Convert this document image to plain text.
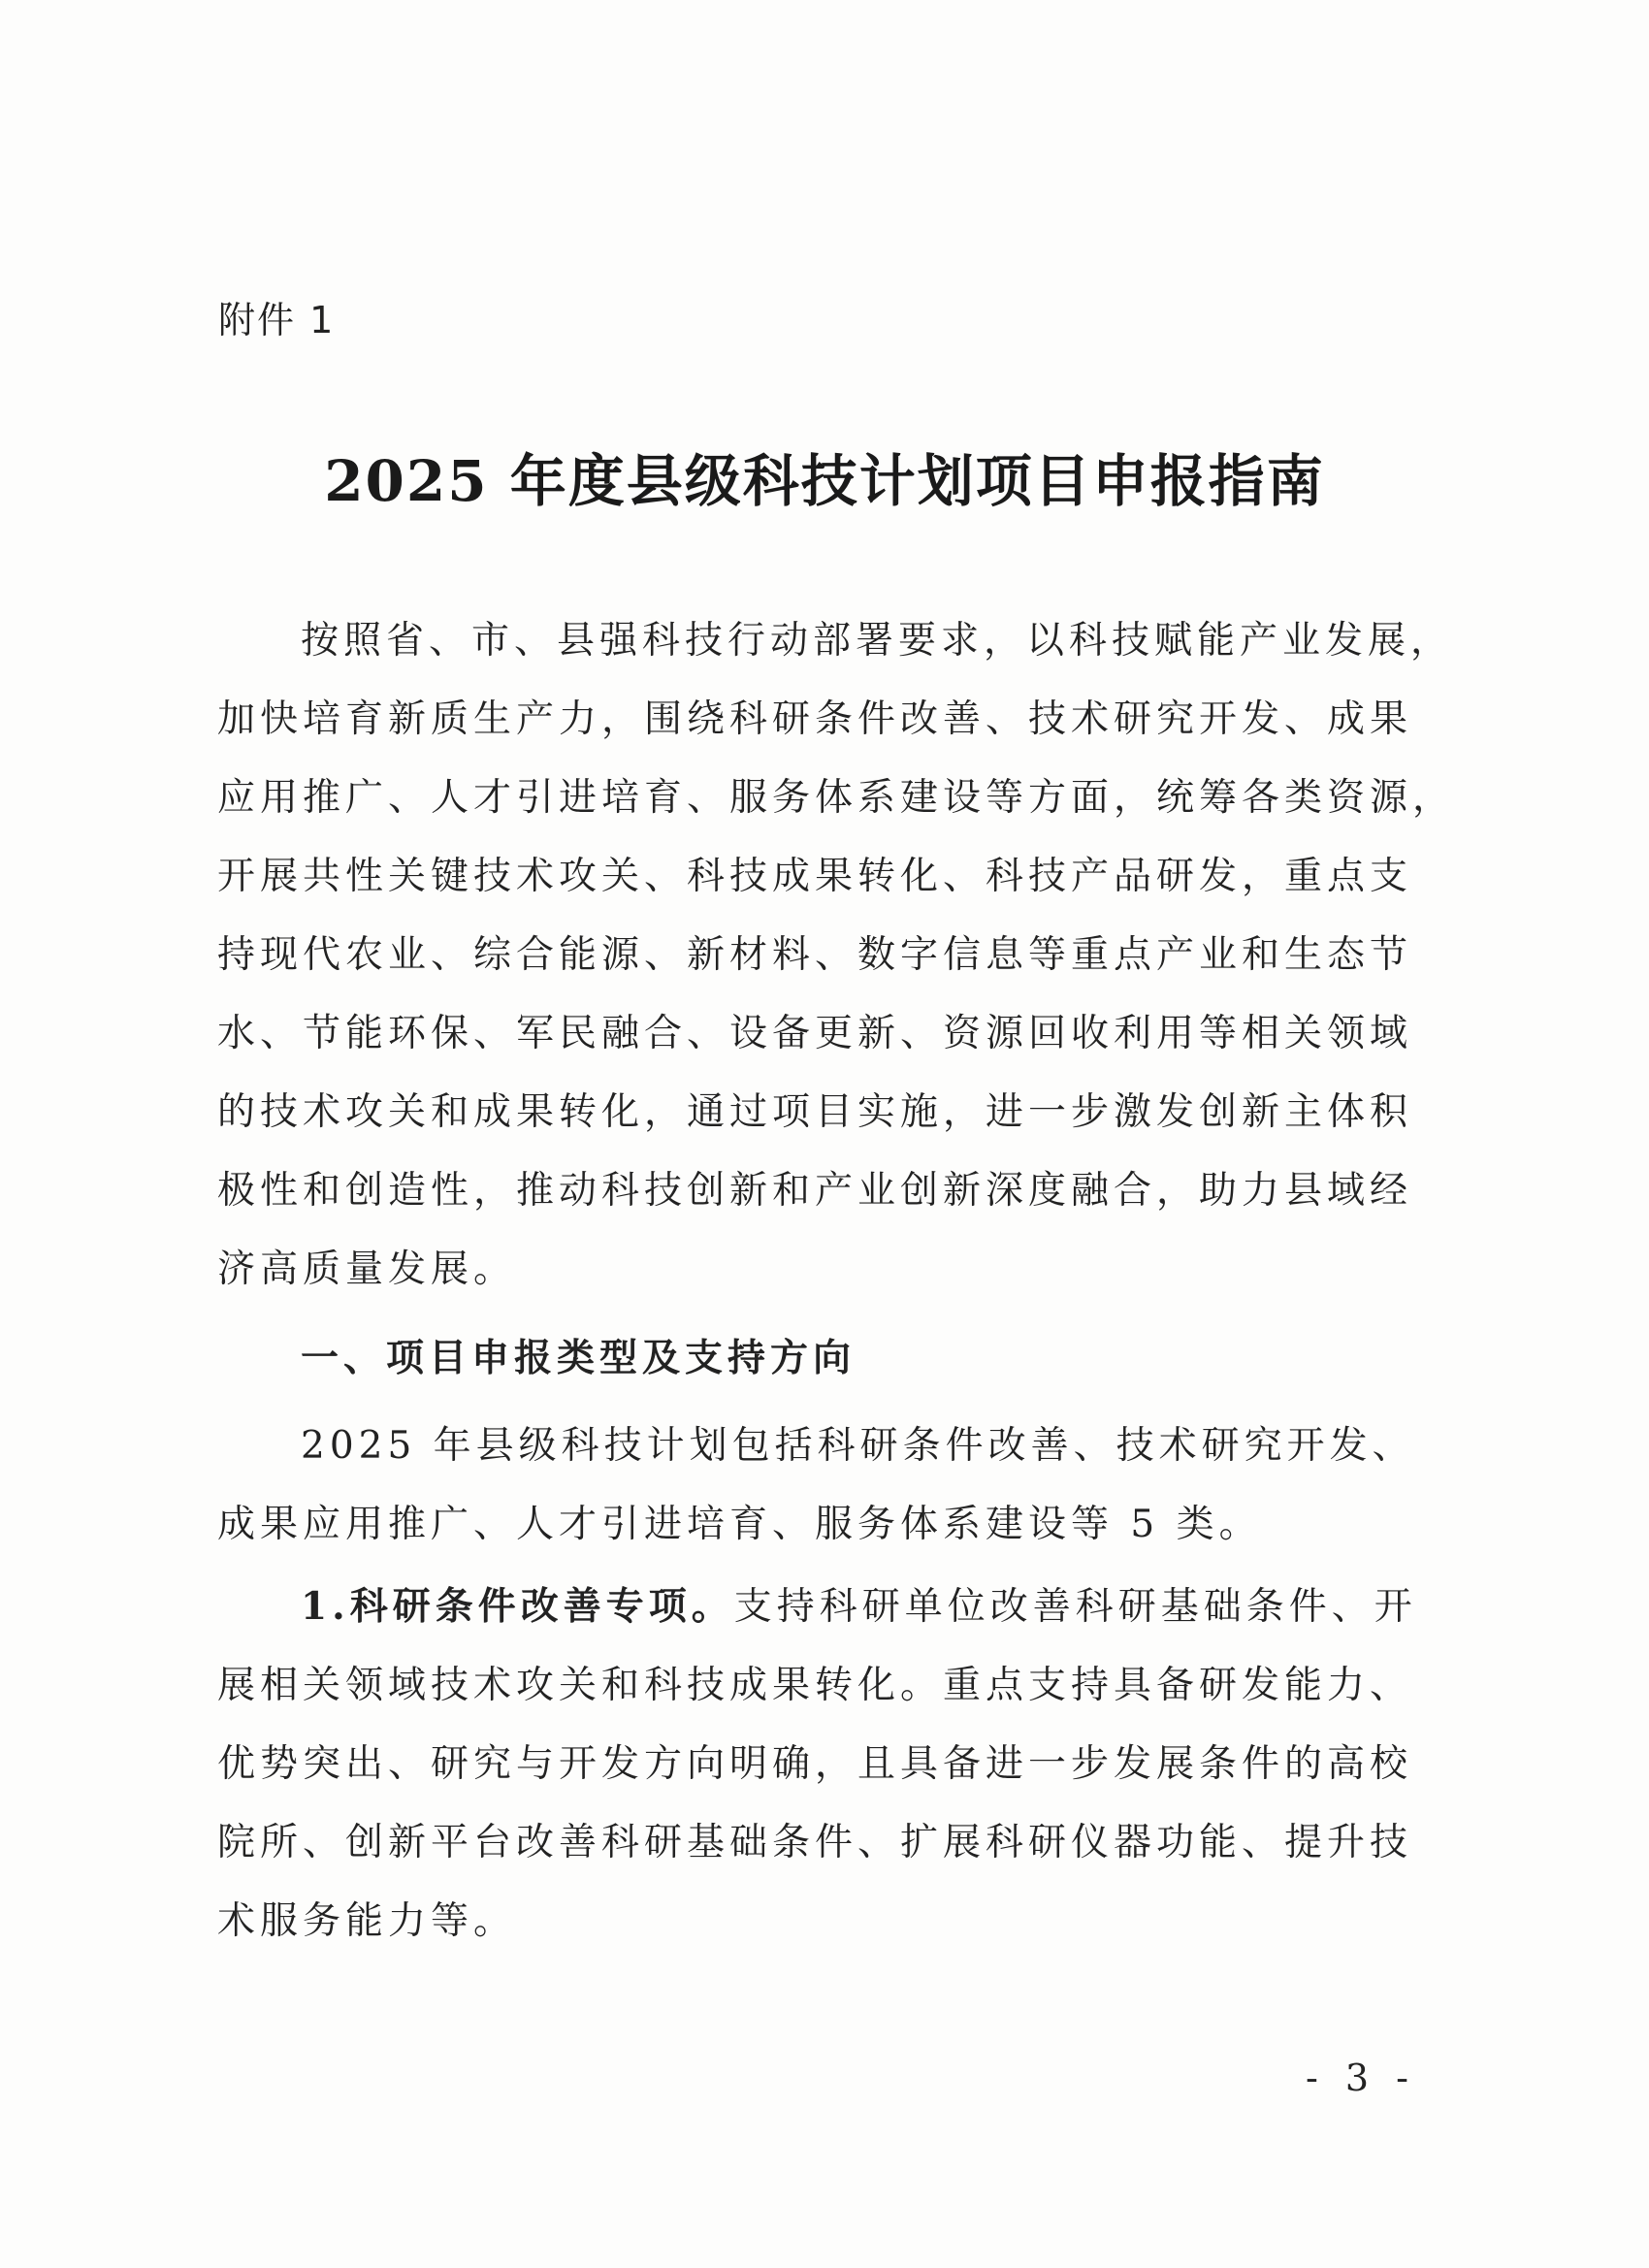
附件 1
2025 年度县级科技计划项目申报指南
按照省、市、县强科技行动部署要求，以科技赋能产业发展，
加快培育新质生产力，围绕科研条件改善、技术研究开发、成果
应用推广、人才引进培育、服务体系建设等方面，统筹各类资源，
开展共性关键技术攻关、科技成果转化、科技产品研发，重点支
持现代农业、综合能源、新材料、数字信息等重点产业和生态节
水、节能环保、军民融合、设备更新、资源回收利用等相关领域
的技术攻关和成果转化，通过项目实施，进一步激发创新主体积
极性和创造性，推动科技创新和产业创新深度融合，助力县域经
济高质量发展。
一、项目申报类型及支持方向
2025 年县级科技计划包括科研条件改善、技术研究开发、
成果应用推广、人才引进培育、服务体系建设等 5 类。
1.科研条件改善专项。支持科研单位改善科研基础条件、开
展相关领域技术攻关和科技成果转化。重点支持具备研发能力、
优势突出、研究与开发方向明确，且具备进一步发展条件的高校
院所、创新平台改善科研基础条件、扩展科研仪器功能、提升技
术服务能力等。
- 3 -
